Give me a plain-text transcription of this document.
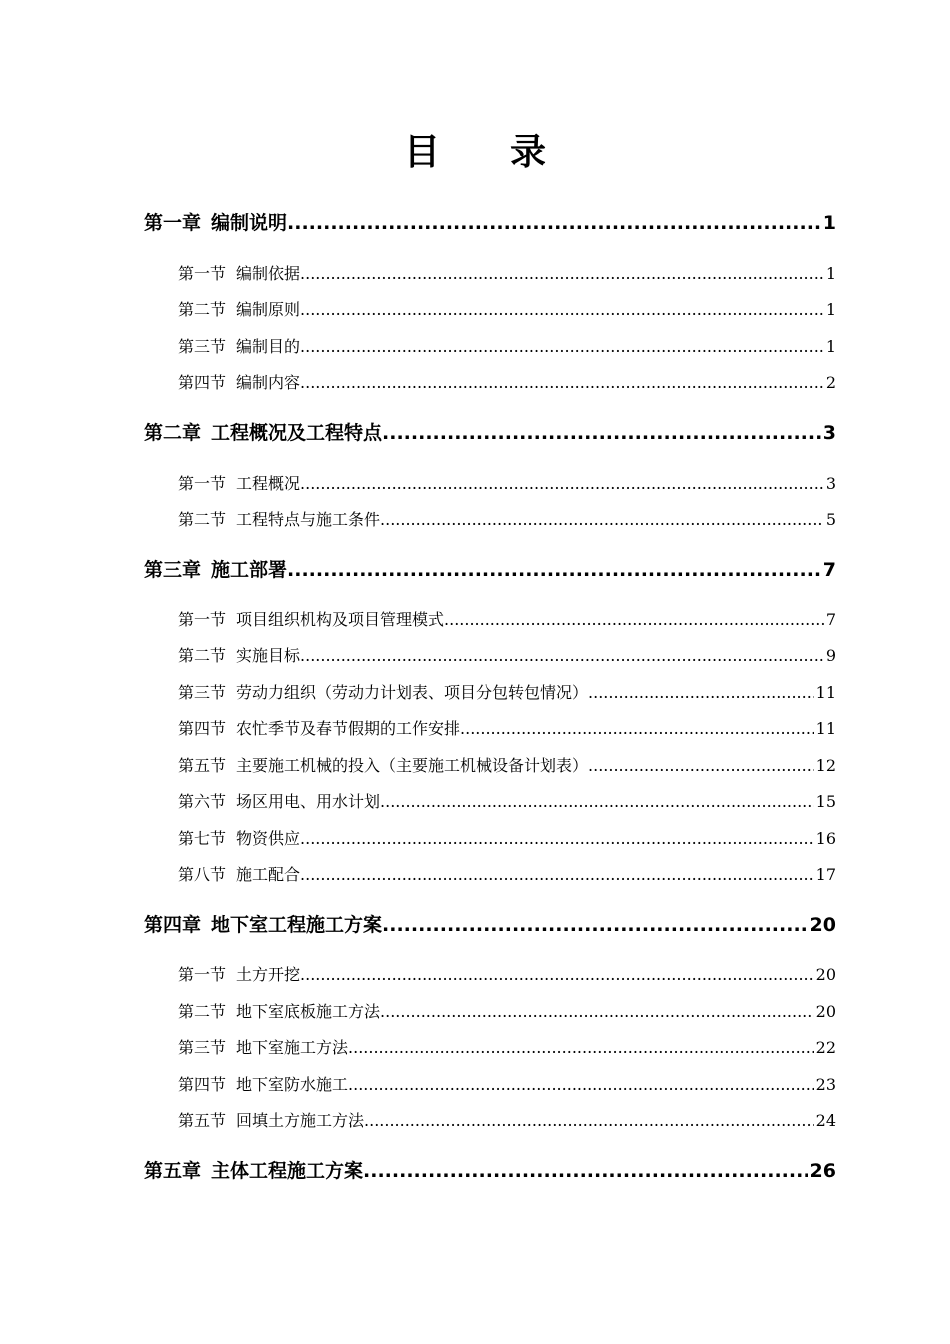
目录
第一章 编制说明 .....	1
第一节 编制依据 .....	1
第二节 编制原则 .....	1
第三节 编制目的 .....	1
第四节 编制内容 .....	2
第二章 工程概况及工程特点 .....	3
第一节 工程概况 .....	3
第二节 工程特点与施工条件 .....	5
第三章 施工部署 .....	7
第一节 项目组织机构及项目管理模式 .....	7
第二节 实施目标 .....	9
第三节 劳动力组织（劳动力计划表、项目分包转包情况） .....	11
第四节 农忙季节及春节假期的工作安排 .....	11
第五节 主要施工机械的投入（主要施工机械设备计划表） .....	12
第六节 场区用电、用水计划 .....	15
第七节 物资供应 .....	16
第八节 施工配合 .....	17
第四章 地下室工程施工方案 .....	20
第一节 土方开挖 .....	20
第二节 地下室底板施工方法 .....	20
第三节 地下室施工方法 .....	22
第四节 地下室防水施工 .....	23
第五节 回填土方施工方法 .....	24
第五章 主体工程施工方案 .....	26
